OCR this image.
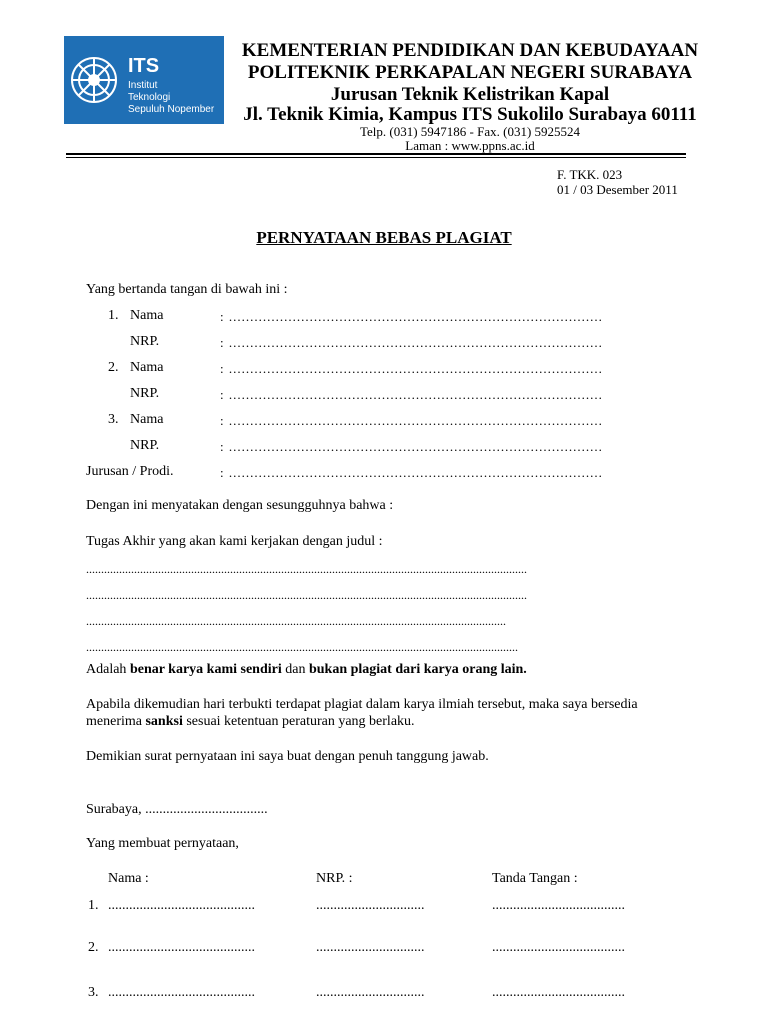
ITS
Institut
Teknologi
Sepuluh Nopember
KEMENTERIAN PENDIDIKAN DAN KEBUDAYAAN
POLITEKNIK PERKAPALAN NEGERI SURABAYA
Jurusan Teknik Kelistrikan Kapal
Jl. Teknik Kimia, Kampus ITS Sukolilo Surabaya 60111
Telp. (031) 5947186 - Fax. (031) 5925524
Laman : www.ppns.ac.id
F. TKK. 023
01 / 03 Desember 2011
PERNYATAAN BEBAS PLAGIAT
Yang bertanda tangan di bawah ini :
1. Nama	: ........................................................................................
NRP.	: ........................................................................................
2. Nama	: ........................................................................................
NRP.	: ........................................................................................
3. Nama	: ........................................................................................
NRP.	: ........................................................................................
Jurusan / Prodi.	: ........................................................................................
Dengan ini menyatakan dengan sesungguhnya bahwa :
Tugas Akhir yang akan kami kerjakan dengan judul :
...................................................................................................................................................
...................................................................................................................................................
............................................................................................................................................
................................................................................................................................................
Adalah benar karya kami sendiri dan bukan plagiat dari karya orang lain.
Apabila dikemudian hari terbukti terdapat plagiat dalam karya ilmiah tersebut, maka saya bersedia
menerima sanksi sesuai ketentuan peraturan yang berlaku.
Demikian surat pernyataan ini saya buat dengan penuh tanggung jawab.
Surabaya, ...................................
Yang membuat pernyataan,
Nama :	NRP. :	Tanda Tangan :
1. ..........................................	...............................	......................................
2. ..........................................	...............................	......................................
3. ..........................................	...............................	......................................
